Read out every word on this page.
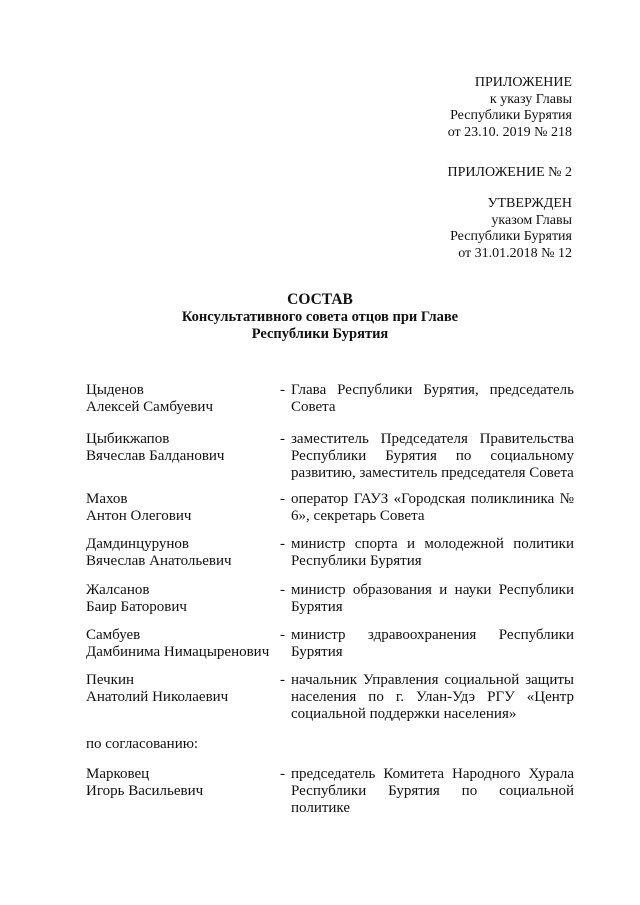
ПРИЛОЖЕНИЕ
к указу Главы
Республики Бурятия
от 23.10. 2019 № 218
ПРИЛОЖЕНИЕ № 2
УТВЕРЖДЕН
указом Главы
Республики Бурятия
от 31.01.2018 № 12
СОСТАВ
Консультативного совета отцов при Главе
Республики Бурятия
Цыденов
Алексей Самбуевич
- Глава Республики Бурятия, председатель Совета
Цыбикжапов
Вячеслав Балданович
- заместитель Председателя Правительства Республики Бурятия по социальному развитию, заместитель председателя Совета
Махов
Антон Олегович
- оператор ГАУЗ «Городская поликлиника № 6», секретарь Совета
Дамдинцурунов
Вячеслав Анатольевич
- министр спорта и молодежной политики Республики Бурятия
Жалсанов
Баир Баторович
- министр образования и науки Республики Бурятия
Самбуев
Дамбинима Нимацыренович
- министр здравоохранения Республики Бурятия
Печкин
Анатолий Николаевич
- начальник Управления социальной защиты населения по г. Улан-Удэ РГУ «Центр социальной поддержки населения»
по согласованию:
Марковец
Игорь Васильевич
- председатель Комитета Народного Хурала Республики Бурятия по социальной политике
